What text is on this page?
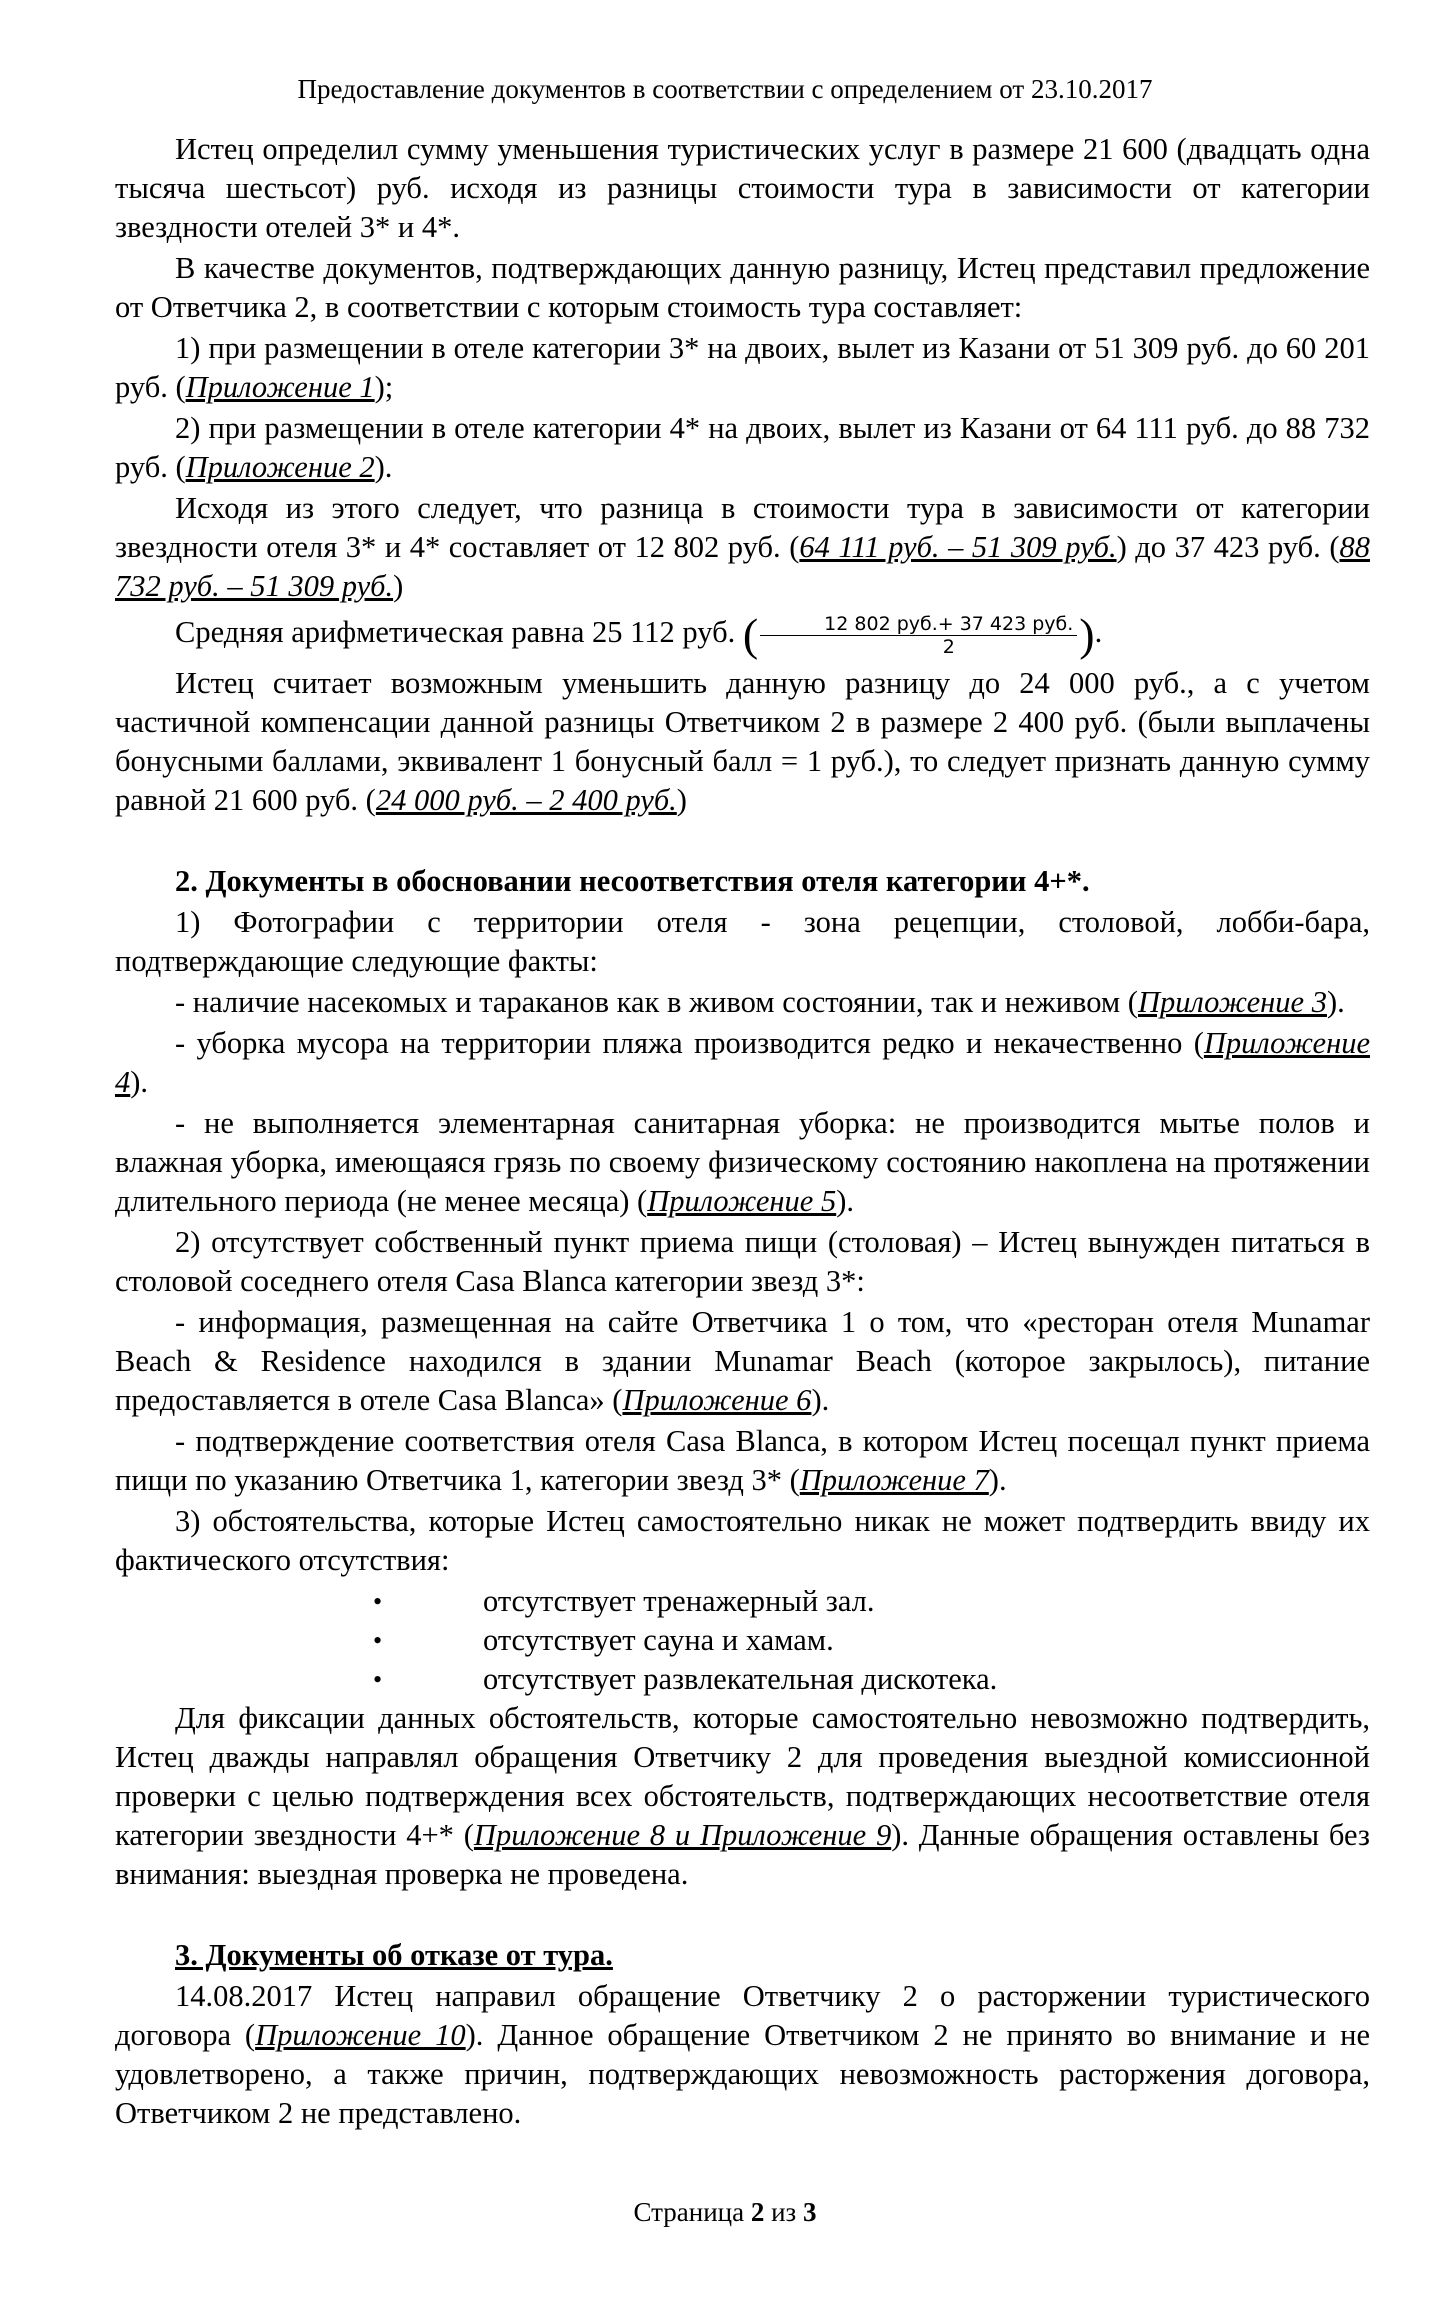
Предоставление документов в соответствии с определением от 23.10.2017

Истец определил сумму уменьшения туристических услуг в размере 21 600 (двадцать одна тысяча шестьсот) руб. исходя из разницы стоимости тура в зависимости от категории звездности отелей 3* и 4*.

В качестве документов, подтверждающих данную разницу, Истец представил предложение от Ответчика 2, в соответствии с которым стоимость тура составляет:

1) при размещении в отеле категории 3* на двоих, вылет из Казани от 51 309 руб. до 60 201 руб. (Приложение 1);

2) при размещении в отеле категории 4* на двоих, вылет из Казани от 64 111 руб. до 88 732 руб. (Приложение 2).

Исходя из этого следует, что разница в стоимости тура в зависимости от категории звездности отеля 3* и 4* составляет от 12 802 руб. (64 111 руб. – 51 309 руб.) до 37 423 руб. (88 732 руб. – 51 309 руб.)

Средняя арифметическая равна 25 112 руб. ( $\frac{\text{12 802 руб.+ 37 423 руб.}}{2}$ ).

Истец считает возможным уменьшить данную разницу до 24 000 руб., а с учетом частичной компенсации данной разницы Ответчиком 2 в размере 2 400 руб. (были выплачены бонусными баллами, эквивалент 1 бонусный балл = 1 руб.), то следует признать данную сумму равной 21 600 руб. (24 000 руб. – 2 400 руб.)

2. Документы в обосновании несоответствия отеля категории 4+*.

1) Фотографии с территории отеля - зона рецепции, столовой, лобби-бара, подтверждающие следующие факты:

- наличие насекомых и тараканов как в живом состоянии, так и неживом (Приложение 3).

- уборка мусора на территории пляжа производится редко и некачественно (Приложение 4).

- не выполняется элементарная санитарная уборка: не производится мытье полов и влажная уборка, имеющаяся грязь по своему физическому состоянию накоплена на протяжении длительного периода (не менее месяца) (Приложение 5).

2) отсутствует собственный пункт приема пищи (столовая) – Истец вынужден питаться в столовой соседнего отеля Casa Blanca категории звезд 3*:

- информация, размещенная на сайте Ответчика 1 о том, что «ресторан отеля Munamar Beach & Residence находился в здании Munamar Beach (которое закрылось), питание предоставляется в отеле Casa Blanca» (Приложение 6).

- подтверждение соответствия отеля Casa Blanca, в котором Истец посещал пункт приема пищи по указанию Ответчика 1, категории звезд 3* (Приложение 7).

3) обстоятельства, которые Истец самостоятельно никак не может подтвердить ввиду их фактического отсутствия:

•	отсутствует тренажерный зал.
•	отсутствует сауна и хамам.
•	отсутствует развлекательная дискотека.

Для фиксации данных обстоятельств, которые самостоятельно невозможно подтвердить, Истец дважды направлял обращения Ответчику 2 для проведения выездной комиссионной проверки с целью подтверждения всех обстоятельств, подтверждающих несоответствие отеля категории звездности 4+* (Приложение 8 и Приложение 9). Данные обращения оставлены без внимания: выездная проверка не проведена.

3. Документы об отказе от тура.

14.08.2017 Истец направил обращение Ответчику 2 о расторжении туристического договора (Приложение 10). Данное обращение Ответчиком 2 не принято во внимание и не удовлетворено, а также причин, подтверждающих невозможность расторжения договора, Ответчиком 2 не представлено.

Страница 2 из 3
